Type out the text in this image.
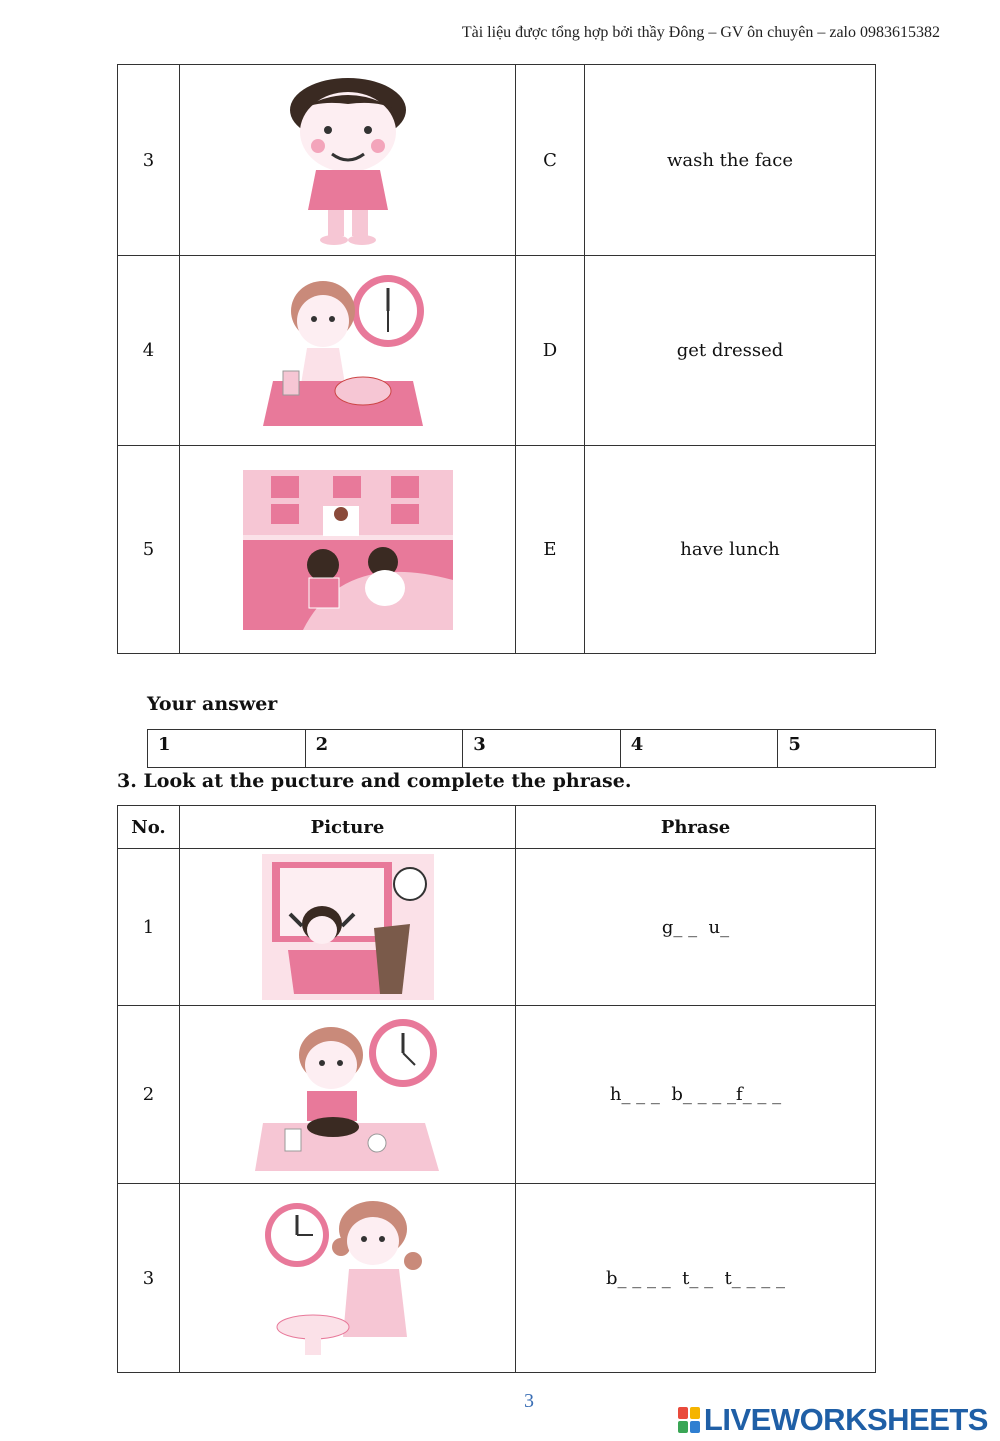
Tài liệu được tổng hợp bởi thầy Đông – GV ôn chuyên – zalo 0983615382
3		C	wash the face
4		D	get dressed
5		E	have lunch
Your answer
1	2	3	4	5
3. Look at the pucture and complete the phrase.
No.	Picture	Phrase
1		g_ _  u_
2		h_ _ _  b_ _ _ _f_ _ _
3		b_ _ _ _  t_ _  t_ _ _ _
3
LIVEWORKSHEETS
